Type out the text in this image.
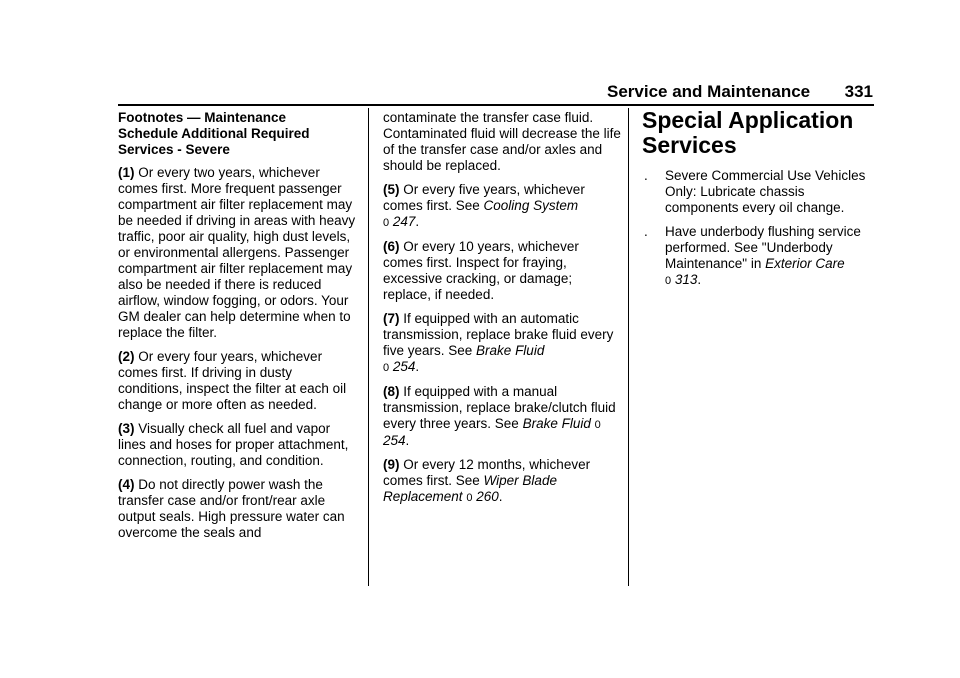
Service and Maintenance 331
Footnotes — Maintenance
Schedule Additional Required
Services - Severe

(1) Or every two years, whichever comes first. More frequent passenger compartment air filter replacement may be needed if driving in areas with heavy traffic, poor air quality, high dust levels, or environmental allergens. Passenger compartment air filter replacement may also be needed if there is reduced airflow, window fogging, or odors. Your GM dealer can help determine when to replace the filter.

(2) Or every four years, whichever comes first. If driving in dusty conditions, inspect the filter at each oil change or more often as needed.

(3) Visually check all fuel and vapor lines and hoses for proper attachment, connection, routing, and condition.

(4) Do not directly power wash the transfer case and/or front/rear axle output seals. High pressure water can overcome the seals and

contaminate the transfer case fluid. Contaminated fluid will decrease the life of the transfer case and/or axles and should be replaced.

(5) Or every five years, whichever comes first. See Cooling System
0 247.

(6) Or every 10 years, whichever comes first. Inspect for fraying, excessive cracking, or damage; replace, if needed.

(7) If equipped with an automatic transmission, replace brake fluid every five years. See Brake Fluid
0 254.

(8) If equipped with a manual transmission, replace brake/clutch fluid every three years. See Brake Fluid 0 254.

(9) Or every 12 months, whichever comes first. See Wiper Blade Replacement 0 260.

Special Application
Services
. Severe Commercial Use Vehicles Only: Lubricate chassis components every oil change.
. Have underbody flushing service performed. See "Underbody Maintenance" in Exterior Care
0 313.
